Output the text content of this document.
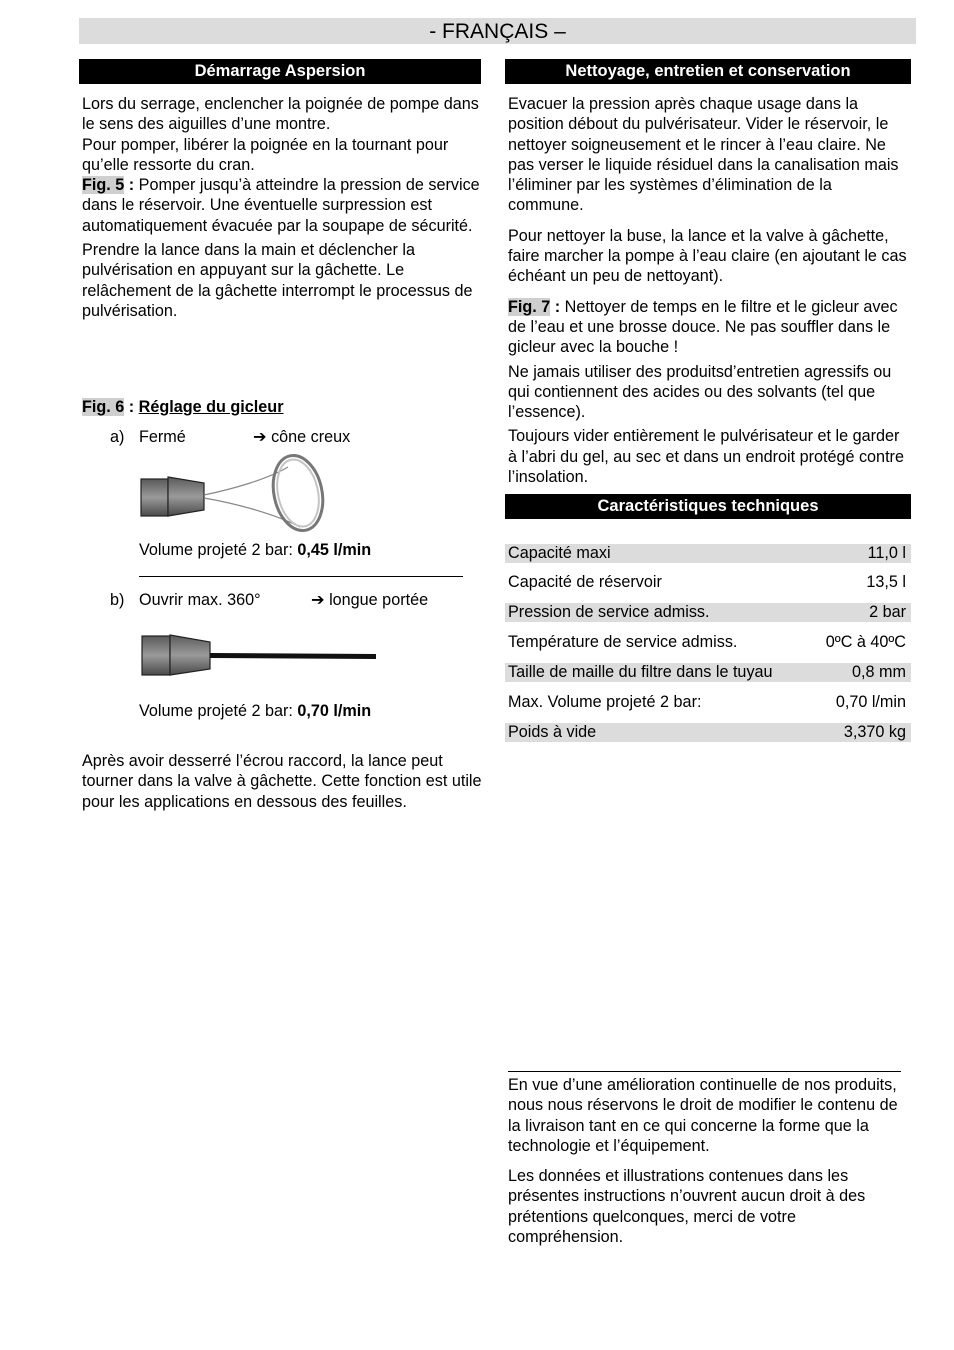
- FRANÇAIS –
Démarrage Aspersion

Lors du serrage, enclencher la poignée de pompe dans le sens des aiguilles d’une montre.

Pour pomper, libérer la poignée en la tournant pour qu’elle ressorte du cran.

Fig. 5 : Pomper jusqu’à atteindre la pression de service dans le réservoir. Une éventuelle surpression est automatiquement évacuée par la soupape de sécurité.

Prendre la lance dans la main et déclencher la pulvérisation en appuyant sur la gâchette. Le relâchement de la gâchette interrompt le processus de pulvérisation.

Fig. 6 : Réglage du gicleur
a) Fermé	➔ cône creux
Volume projeté 2 bar: 0,45 l/min
b) Ouvrir max. 360°	➔ longue portée
Volume projeté 2 bar: 0,70 l/min
Après avoir desserré l’écrou raccord, la lance peut tourner dans la valve à gâchette. Cette fonction est utile pour les applications en dessous des feuilles.
Nettoyage, entretien et conservation

Evacuer la pression après chaque usage dans la position débout du pulvérisateur. Vider le réservoir, le nettoyer soigneusement et le rincer à l’eau claire. Ne pas verser le liquide résiduel dans la canalisation mais l’éliminer par les systèmes d’élimination de la commune.

Pour nettoyer la buse, la lance et la valve à gâchette, faire marcher la pompe à l’eau claire (en ajoutant le cas échéant un peu de nettoyant).

Fig. 7 : Nettoyer de temps en le filtre et le gicleur avec de l’eau et une brosse douce. Ne pas souffler dans le gicleur avec la bouche !

Ne jamais utiliser des produitsd’entretien agressifs ou qui contiennent des acides ou des solvants (tel que l’essence).

Toujours vider entièrement le pulvérisateur et le garder à l’abri du gel, au sec et dans un endroit protégé contre l’insolation.

Caractéristiques techniques
Capacité maxi	11,0 l
Capacité de réservoir	13,5 l
Pression de service admiss.	2 bar
Température de service admiss.	0ºC à 40ºC
Taille de maille du filtre dans le tuyau	0,8 mm
Max. Volume projeté 2 bar:	0,70 l/min
Poids à vide	3,370 kg

En vue d’une amélioration continuelle de nos produits, nous nous réservons le droit de modifier le contenu de la livraison tant en ce qui concerne la forme que la technologie et l’équipement.

Les données et illustrations contenues dans les présentes instructions n’ouvrent aucun droit à des prétentions quelconques, merci de votre compréhension.
